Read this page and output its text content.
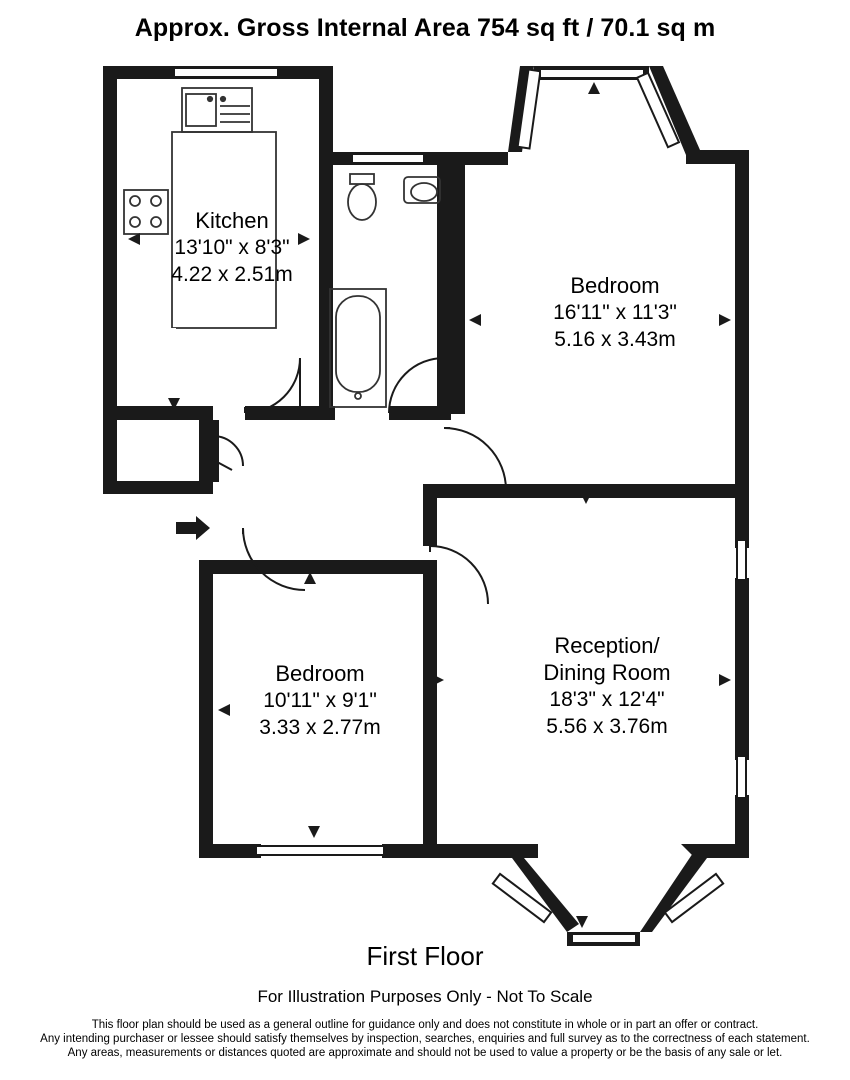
Approx. Gross Internal Area 754 sq ft / 70.1 sq m
Kitchen
13'10" x 8'3"
4.22 x 2.51m	Bedroom
16'11" x 11'3"
5.16 x 3.43m
Bedroom
10'11" x 9'1"
3.33 x 2.77m
Reception/
Dining Room
18'3" x 12'4"
5.56 x 3.76m
First Floor
For Illustration Purposes Only - Not To Scale
This floor plan should be used as a general outline for guidance only and does not constitute in whole or in part an offer or contract.
Any intending purchaser or lessee should satisfy themselves by inspection, searches, enquiries and full survey as to the correctness of each statement.
Any areas, measurements or distances quoted are approximate and should not be used to value a property or be the basis of any sale or let.
